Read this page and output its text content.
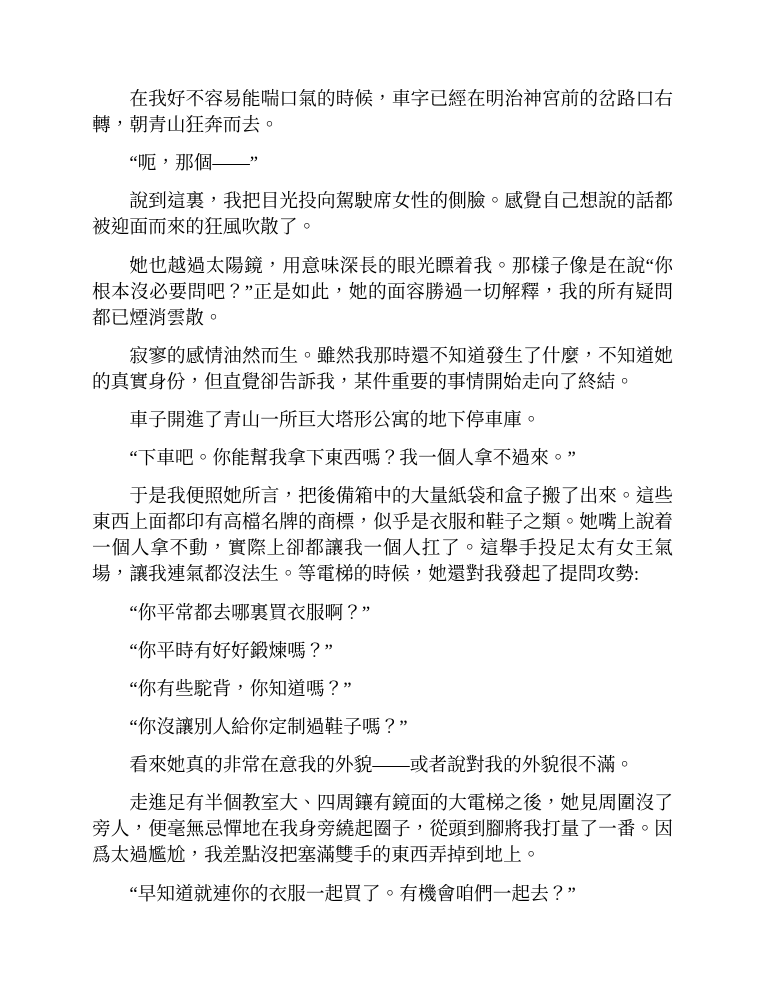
在我好不容易能喘口氣的時候，車字已經在明治神宮前的岔路口右轉，朝青山狂奔而去。

“呃，那個——”

說到這裏，我把目光投向駕駛席女性的側臉。感覺自己想說的話都被迎面而來的狂風吹散了。

她也越過太陽鏡，用意味深長的眼光瞟着我。那樣子像是在說“你根本沒必要問吧？”正是如此，她的面容勝過一切解釋，我的所有疑問都已煙消雲散。

寂寥的感情油然而生。雖然我那時還不知道發生了什麼，不知道她的真實身份，但直覺卻告訴我，某件重要的事情開始走向了終結。

車子開進了青山一所巨大塔形公寓的地下停車庫。

“下車吧。你能幫我拿下東西嗎？我一個人拿不過來。”

于是我便照她所言，把後備箱中的大量紙袋和盒子搬了出來。這些東西上面都印有高檔名牌的商標，似乎是衣服和鞋子之類。她嘴上說着一個人拿不動，實際上卻都讓我一個人扛了。這舉手投足太有女王氣場，讓我連氣都沒法生。等電梯的時候，她還對我發起了提問攻勢:

“你平常都去哪裏買衣服啊？”

“你平時有好好鍛煉嗎？”

“你有些駝背，你知道嗎？”

“你沒讓別人給你定制過鞋子嗎？”

看來她真的非常在意我的外貌——或者說對我的外貌很不滿。

走進足有半個教室大、四周鑲有鏡面的大電梯之後，她見周圍沒了旁人，便毫無忌憚地在我身旁繞起圈子，從頭到腳將我打量了一番。因爲太過尷尬，我差點沒把塞滿雙手的東西弄掉到地上。

“早知道就連你的衣服一起買了。有機會咱們一起去？”
